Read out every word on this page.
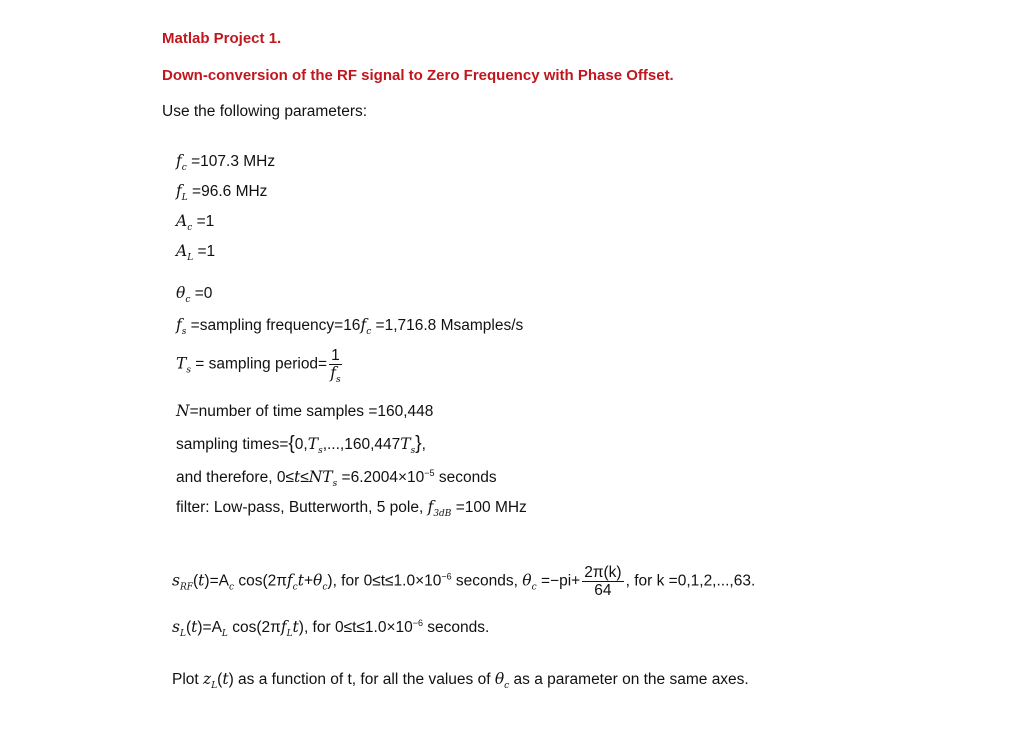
Matlab Project 1.
Down-conversion of the RF signal to Zero Frequency with Phase Offset.
Use the following parameters:
$f_c =107.3$ MHz
$f_L =96.6$ MHz
$A_c =1$
$A_L =1$
$\theta_c =0$
$f_s$ =sampling $frequency=16f_c =1,716.8$ Msamples/s
$T_s$ = sampling period= $\frac{1}{f_s}$
N=number of time samples =160,448
sampling $times=\{0,T_s,...,160,447T_s\}$,
and therefore, $0\le t\le NT_s =6.2004\times 10^{-5}$ seconds
filter: Low-pass, Butterworth, 5 pole, $f_{3dB} =100$ MHz
$s_{RF}(t)=A_c$ $\cos(2\pi f_ct+\theta_c)$, for $0\le t\le 1.0\times 10^{-6}$ seconds, $\theta_c =-pi+ \frac{2\pi(k)}{64}$ , for k =0,1,2,...,63.
$s_L(t)=A_L$ $\cos(2\pi f_Lt)$, for $0\le t\le 1.0\times 10^{-6}$ seconds.
Plot $z_L(t)$ as a function of t, for all the values of $\theta_c$ as a parameter on the same axes.
